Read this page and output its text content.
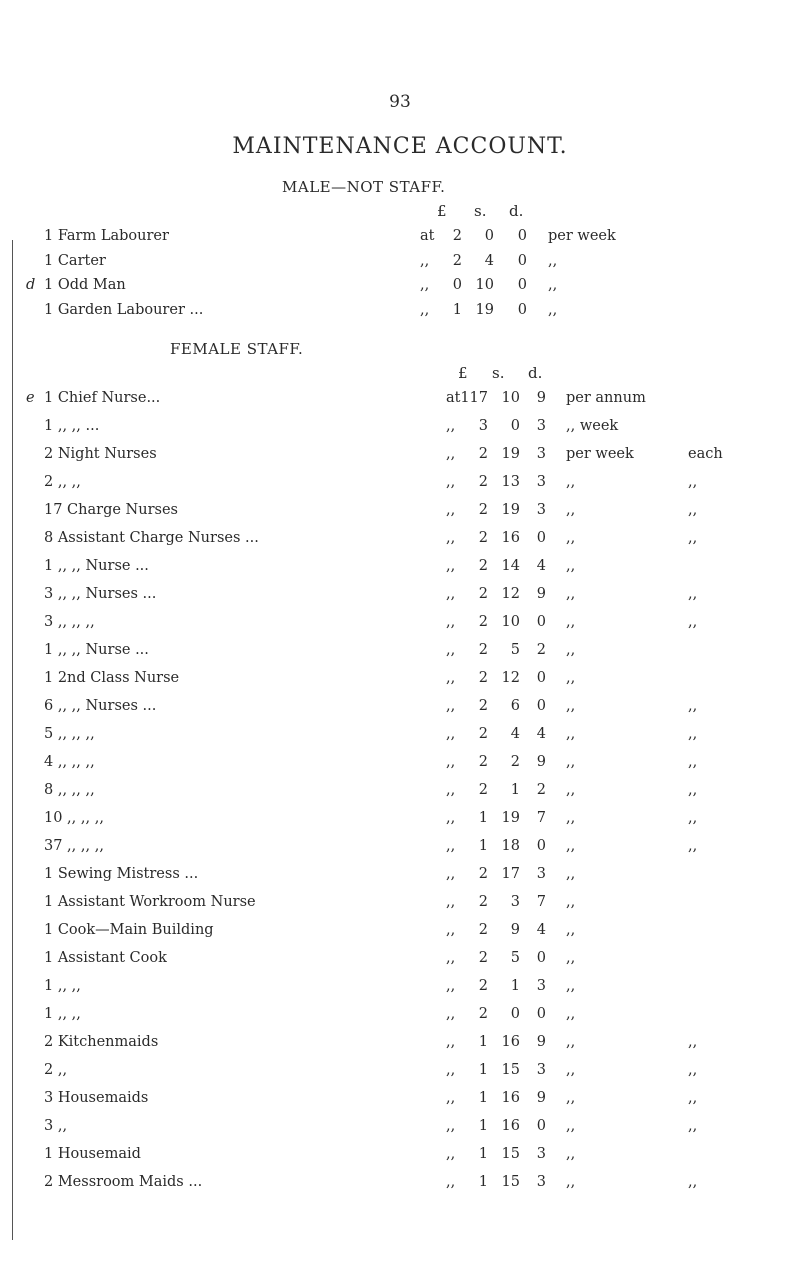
93
MAINTENANCE ACCOUNT.
MALE—NOT STAFF.
£ s. d.
1 Farm Labourer	at 2 0 0 per week
1 Carter	,, 2 4 0 ,,
d 1 Odd Man	,, 0 10 0 ,,
1 Garden Labourer ...	,, 1 19 0 ,,
FEMALE STAFF.
£ s. d.
e 1 Chief Nurse...	at 117 10 9 per annum
1 ,, ,, ...	,, 3 0 3 ,, week
2 Night Nurses	,, 2 19 3 per week	each
2 ,, ,,	,, 2 13 3 ,,	,,
17 Charge Nurses	,, 2 19 3 ,,	,,
8 Assistant Charge Nurses ...	,, 2 16 0 ,,	,,
1 ,, ,, Nurse ...	,, 2 14 4 ,,
3 ,, ,, Nurses ...	,, 2 12 9 ,,	,,
3 ,, ,, ,,	,, 2 10 0 ,,	,,
1 ,, ,, Nurse ...	,, 2 5 2 ,,
1 2nd Class Nurse	,, 2 12 0 ,,
6 ,, ,, Nurses ...	,, 2 6 0 ,,	,,
5 ,, ,, ,,	,, 2 4 4 ,,	,,
4 ,, ,, ,,	,, 2 2 9 ,,	,,
8 ,, ,, ,,	,, 2 1 2 ,,	,,
10 ,, ,, ,,	,, 1 19 7 ,,	,,
37 ,, ,, ,,	,, 1 18 0 ,,	,,
1 Sewing Mistress ...	,, 2 17 3 ,,
1 Assistant Workroom Nurse	,, 2 3 7 ,,
1 Cook—Main Building	,, 2 9 4 ,,
1 Assistant Cook	,, 2 5 0 ,,
1 ,, ,,	,, 2 1 3 ,,
1 ,, ,,	,, 2 0 0 ,,
2 Kitchenmaids	,, 1 16 9 ,,	,,
2 ,,	,, 1 15 3 ,,	,,
3 Housemaids	,, 1 16 9 ,,	,,
3 ,,	,, 1 16 0 ,,	,,
1 Housemaid	,, 1 15 3 ,,
2 Messroom Maids ...	,, 1 15 3 ,,	,,
